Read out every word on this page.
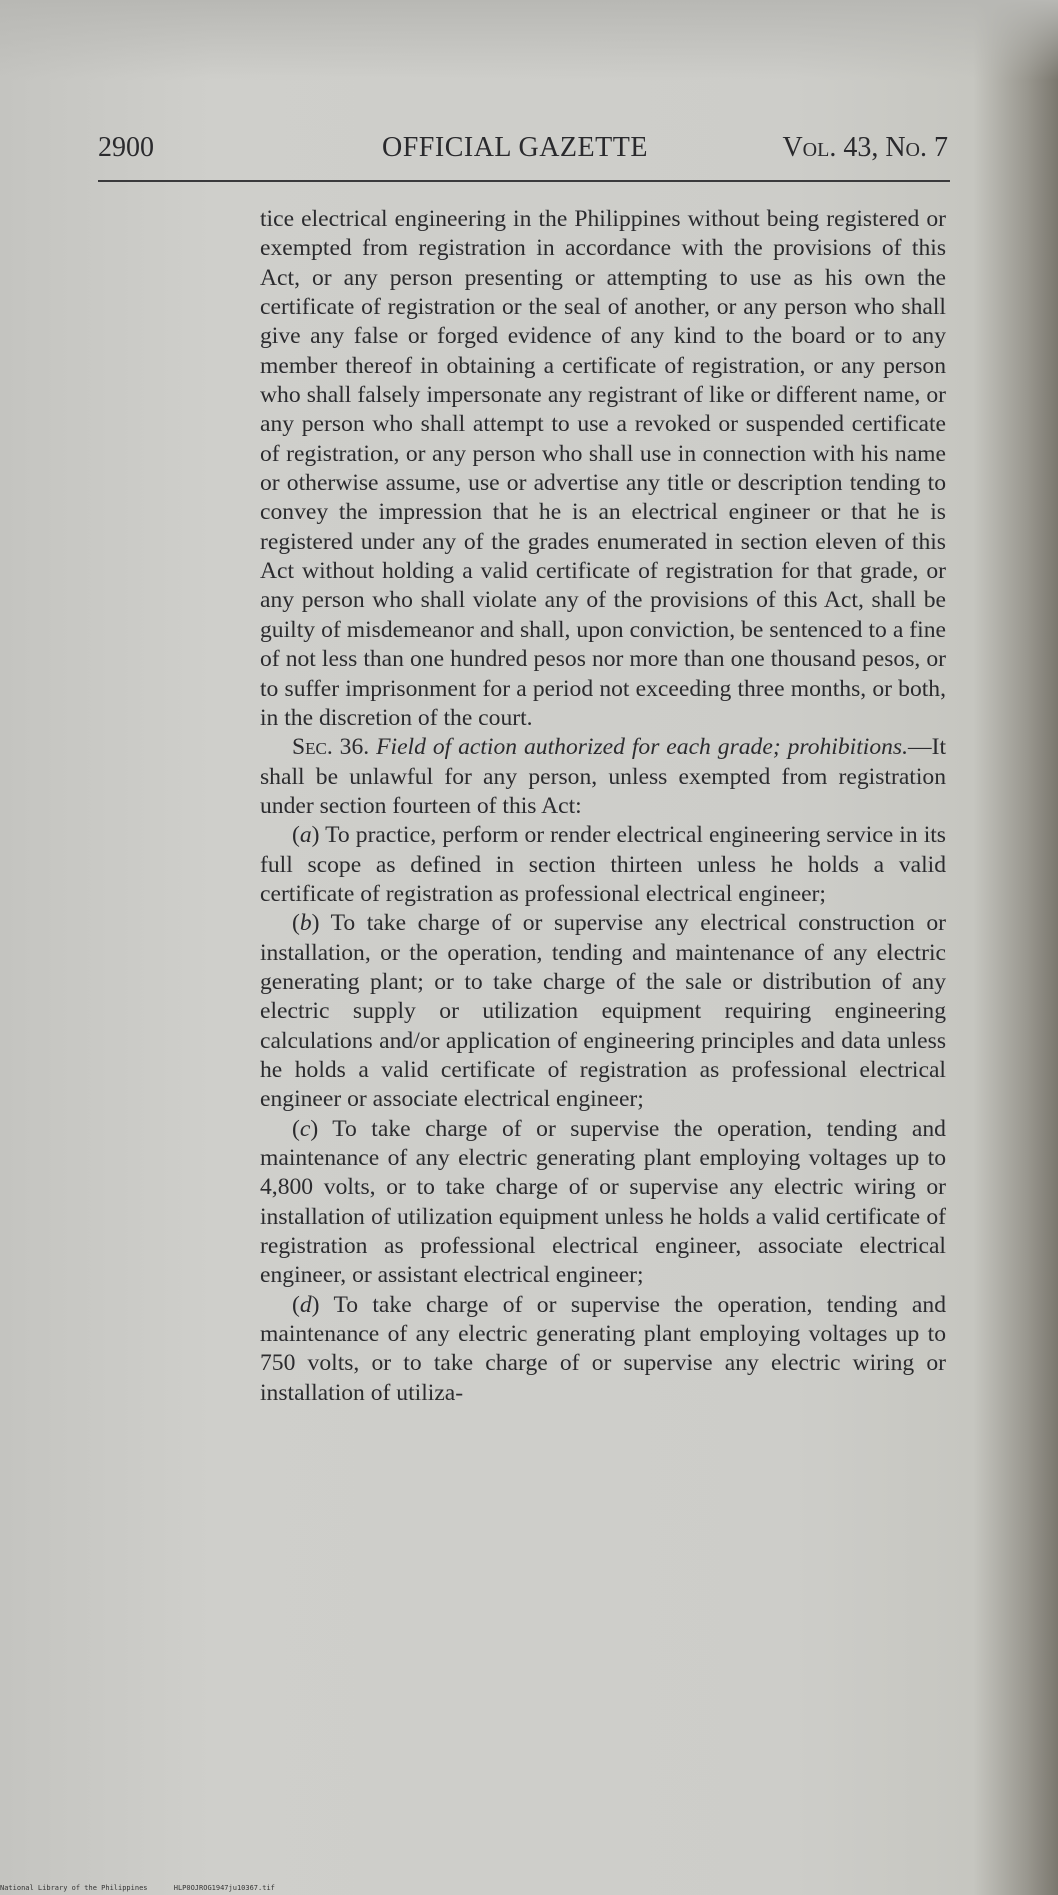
2900	OFFICIAL GAZETTE	Vol. 43, No. 7

tice electrical engineering in the Philippines without being registered or exempted from registration in accordance with the provisions of this Act, or any person presenting or attempting to use as his own the certificate of registration or the seal of another, or any person who shall give any false or forged evidence of any kind to the board or to any member thereof in obtaining a certificate of registration, or any person who shall falsely impersonate any registrant of like or different name, or any person who shall attempt to use a revoked or suspended certificate of registration, or any person who shall use in connection with his name or otherwise assume, use or advertise any title or description tending to convey the impression that he is an electrical engineer or that he is registered under any of the grades enumerated in section eleven of this Act without holding a valid certificate of registration for that grade, or any person who shall violate any of the provisions of this Act, shall be guilty of misdemeanor and shall, upon conviction, be sentenced to a fine of not less than one hundred pesos nor more than one thousand pesos, or to suffer imprisonment for a period not exceeding three months, or both, in the discretion of the court.

Sec. 36. Field of action authorized for each grade; prohibitions.—It shall be unlawful for any person, unless exempted from registration under section fourteen of this Act:

(a) To practice, perform or render electrical engineering service in its full scope as defined in section thirteen unless he holds a valid certificate of registration as professional electrical engineer;

(b) To take charge of or supervise any electrical construction or installation, or the operation, tending and maintenance of any electric generating plant; or to take charge of the sale or distribution of any electric supply or utilization equipment requiring engineering calculations and/or application of engineering principles and data unless he holds a valid certificate of registration as professional electrical engineer or associate electrical engineer;

(c) To take charge of or supervise the operation, tending and maintenance of any electric generating plant employing voltages up to 4,800 volts, or to take charge of or supervise any electric wiring or installation of utilization equipment unless he holds a valid certificate of registration as professional electrical engineer, associate electrical engineer, or assistant electrical engineer;

(d) To take charge of or supervise the operation, tending and maintenance of any electric generating plant employing voltages up to 750 volts, or to take charge of or supervise any electric wiring or installation of utiliza-

National Library of the Philippines	HLP0OJROG1947ju10367.tif
